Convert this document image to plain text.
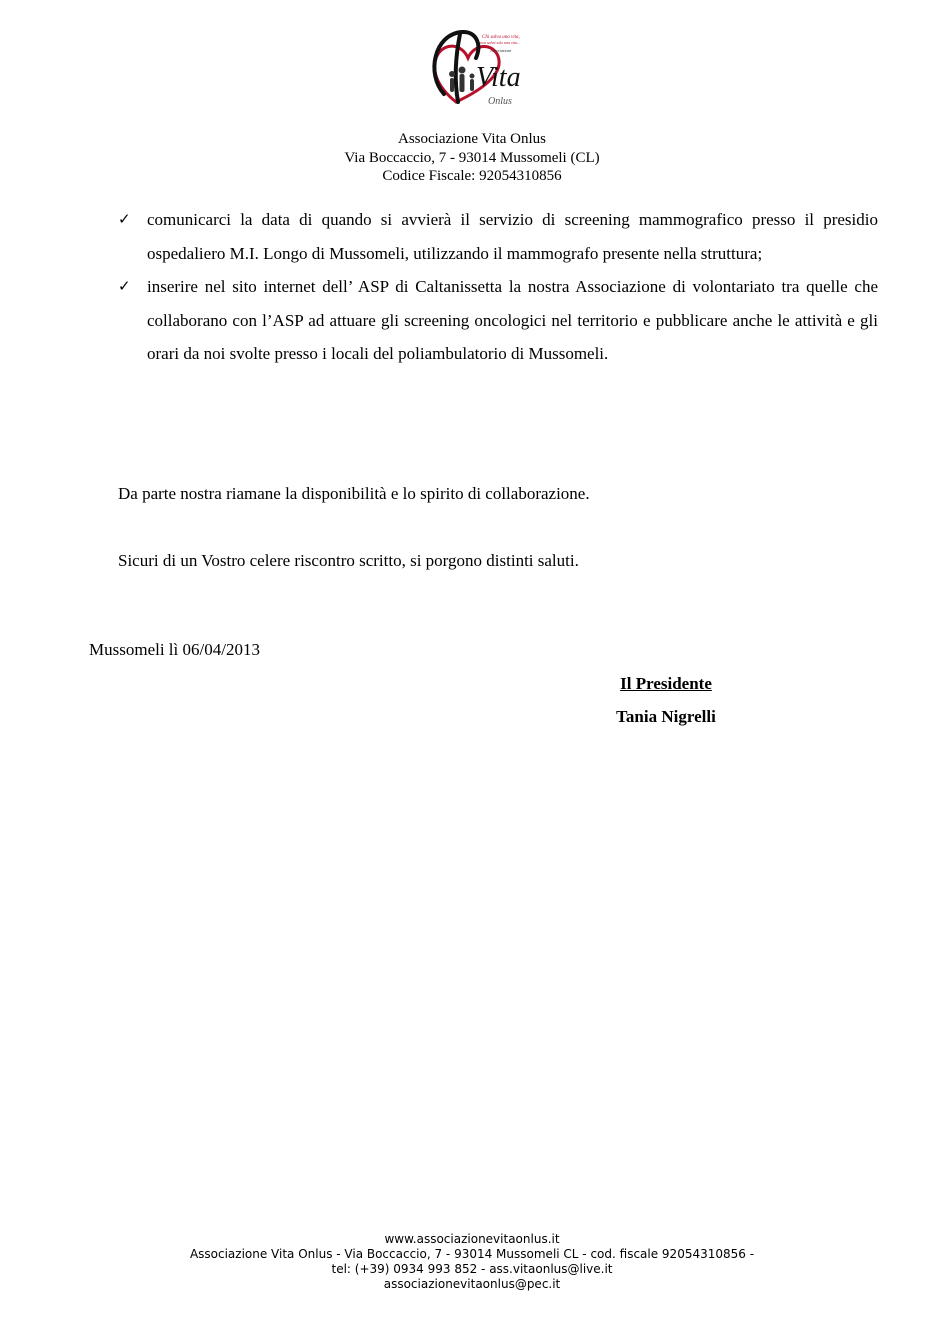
Vita
Onlus
Chi salva una vita,
non salva solo una vita...
Associazione
Associazione Vita Onlus
Via Boccaccio, 7 - 93014 Mussomeli (CL)
Codice Fiscale: 92054310856
✓ comunicarci la data di quando si avvierà il servizio di screening mammografico presso il presidio ospedaliero M.I. Longo di Mussomeli, utilizzando il mammografo presente nella struttura;
✓ inserire nel sito internet dell’ ASP di Caltanissetta la nostra Associazione di volontariato tra quelle che collaborano con l’ASP ad attuare gli screening oncologici nel territorio e pubblicare anche le attività e gli orari da noi svolte presso i locali del poliambulatorio di Mussomeli.
Da parte nostra riamane la disponibilità e lo spirito di collaborazione.
Sicuri di un Vostro celere riscontro scritto, si porgono distinti saluti.
Mussomeli lì 06/04/2013
Il Presidente
Tania Nigrelli
www.associazionevitaonlus.it
Associazione Vita Onlus - Via Boccaccio, 7 - 93014 Mussomeli CL - cod. fiscale 92054310856 -
tel: (+39) 0934 993 852 - ass.vitaonlus@live.it
associazionevitaonlus@pec.it
